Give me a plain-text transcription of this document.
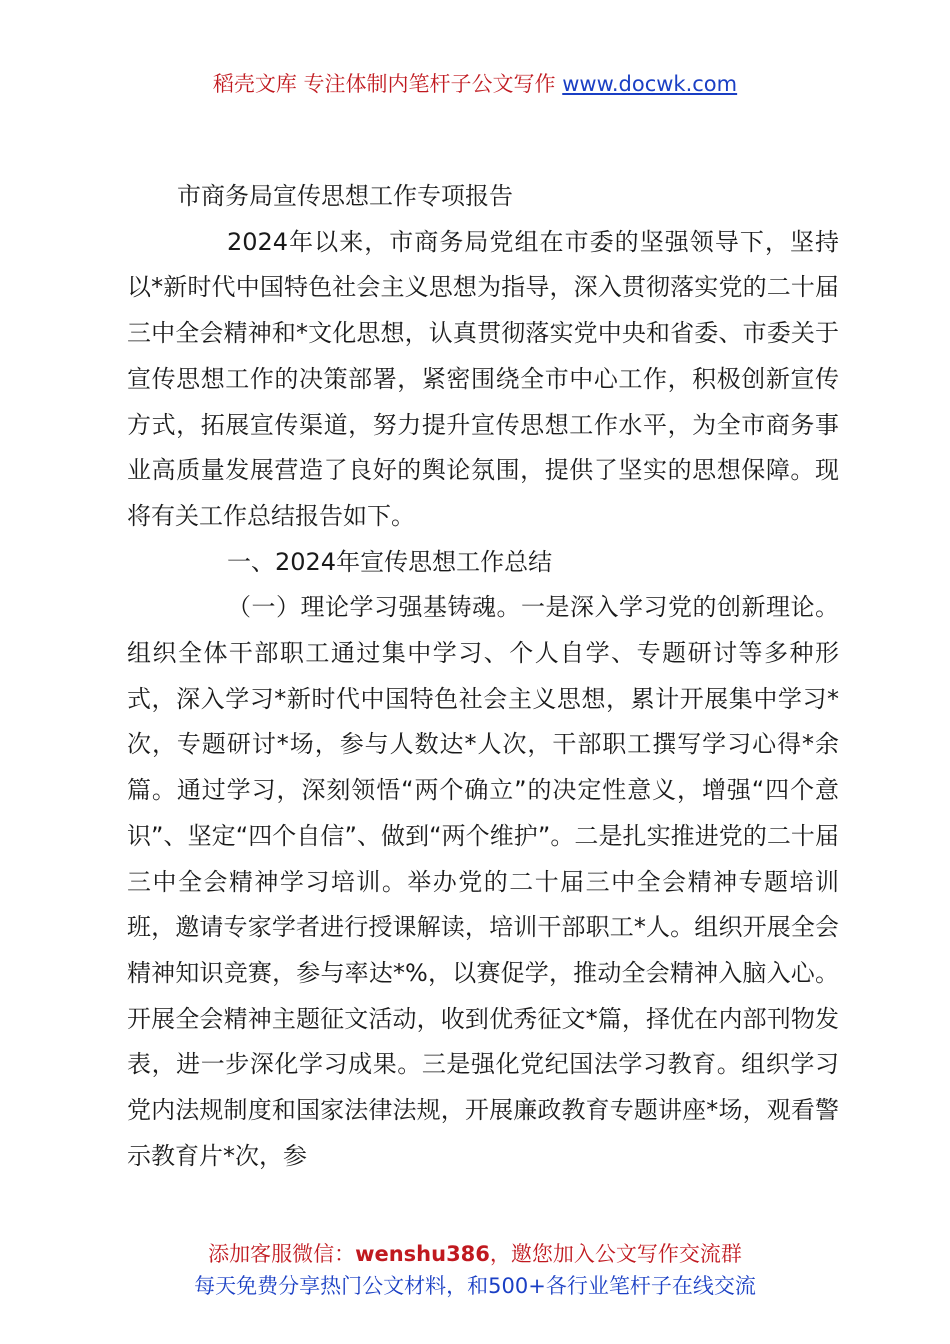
稻壳文库 专注体制内笔杆子公文写作 www.docwk.com

市商务局宣传思想工作专项报告

2024年以来，市商务局党组在市委的坚强领导下，坚持以*新时代中国特色社会主义思想为指导，深入贯彻落实党的二十届三中全会精神和*文化思想，认真贯彻落实党中央和省委、市委关于宣传思想工作的决策部署，紧密围绕全市中心工作，积极创新宣传方式，拓展宣传渠道，努力提升宣传思想工作水平，为全市商务事业高质量发展营造了良好的舆论氛围，提供了坚实的思想保障。现将有关工作总结报告如下。

一、2024年宣传思想工作总结

（一）理论学习强基铸魂。一是深入学习党的创新理论。组织全体干部职工通过集中学习、个人自学、专题研讨等多种形式，深入学习*新时代中国特色社会主义思想，累计开展集中学习*次，专题研讨*场，参与人数达*人次，干部职工撰写学习心得*余篇。通过学习，深刻领悟“两个确立”的决定性意义，增强“四个意识”、坚定“四个自信”、做到“两个维护”。二是扎实推进党的二十届三中全会精神学习培训。举办党的二十届三中全会精神专题培训班，邀请专家学者进行授课解读，培训干部职工*人。组织开展全会精神知识竞赛，参与率达*%，以赛促学，推动全会精神入脑入心。开展全会精神主题征文活动，收到优秀征文*篇，择优在内部刊物发表，进一步深化学习成果。三是强化党纪国法学习教育。组织学习党内法规制度和国家法律法规，开展廉政教育专题讲座*场，观看警示教育片*次，参

添加客服微信：wenshu386，邀您加入公文写作交流群
每天免费分享热门公文材料，和500+各行业笔杆子在线交流
